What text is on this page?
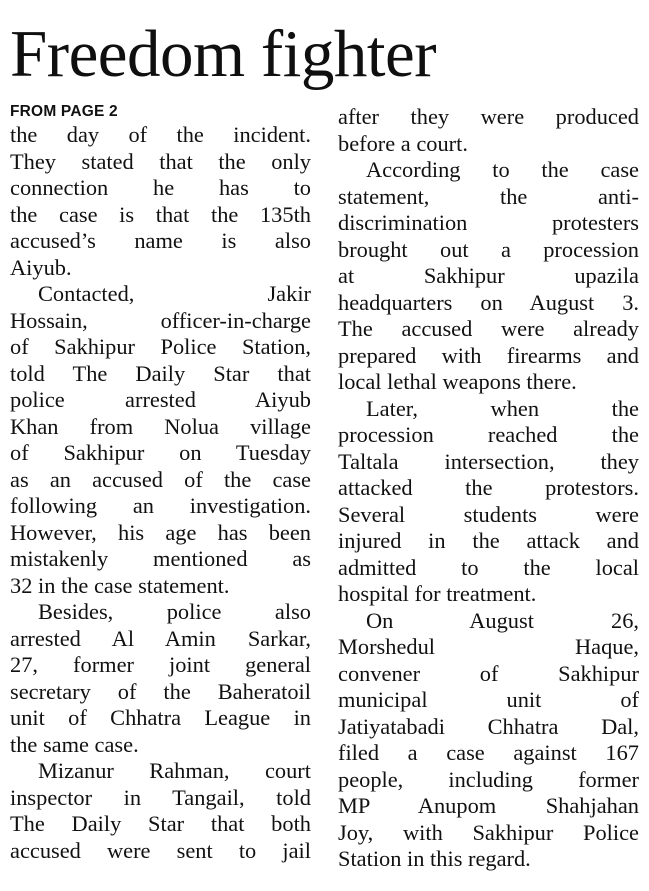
Freedom fighter
FROM PAGE 2
the day of the incident.
They stated that the only
connection he has to
the case is that the 135th
accused’s name is also
Aiyub.
Contacted, Jakir
Hossain, officer-in-charge
of Sakhipur Police Station,
told The Daily Star that
police arrested Aiyub
Khan from Nolua village
of Sakhipur on Tuesday
as an accused of the case
following an investigation.
However, his age has been
mistakenly mentioned as
32 in the case statement.
Besides, police also
arrested Al Amin Sarkar,
27, former joint general
secretary of the Baheratoil
unit of Chhatra League in
the same case.
Mizanur Rahman, court
inspector in Tangail, told
The Daily Star that both
accused were sent to jail
after they were produced
before a court.
According to the case
statement, the anti-
discrimination protesters
brought out a procession
at Sakhipur upazila
headquarters on August 3.
The accused were already
prepared with firearms and
local lethal weapons there.
Later, when the
procession reached the
Taltala intersection, they
attacked the protestors.
Several students were
injured in the attack and
admitted to the local
hospital for treatment.
On August 26,
Morshedul Haque,
convener of Sakhipur
municipal unit of
Jatiyatabadi Chhatra Dal,
filed a case against 167
people, including former
MP Anupom Shahjahan
Joy, with Sakhipur Police
Station in this regard.
